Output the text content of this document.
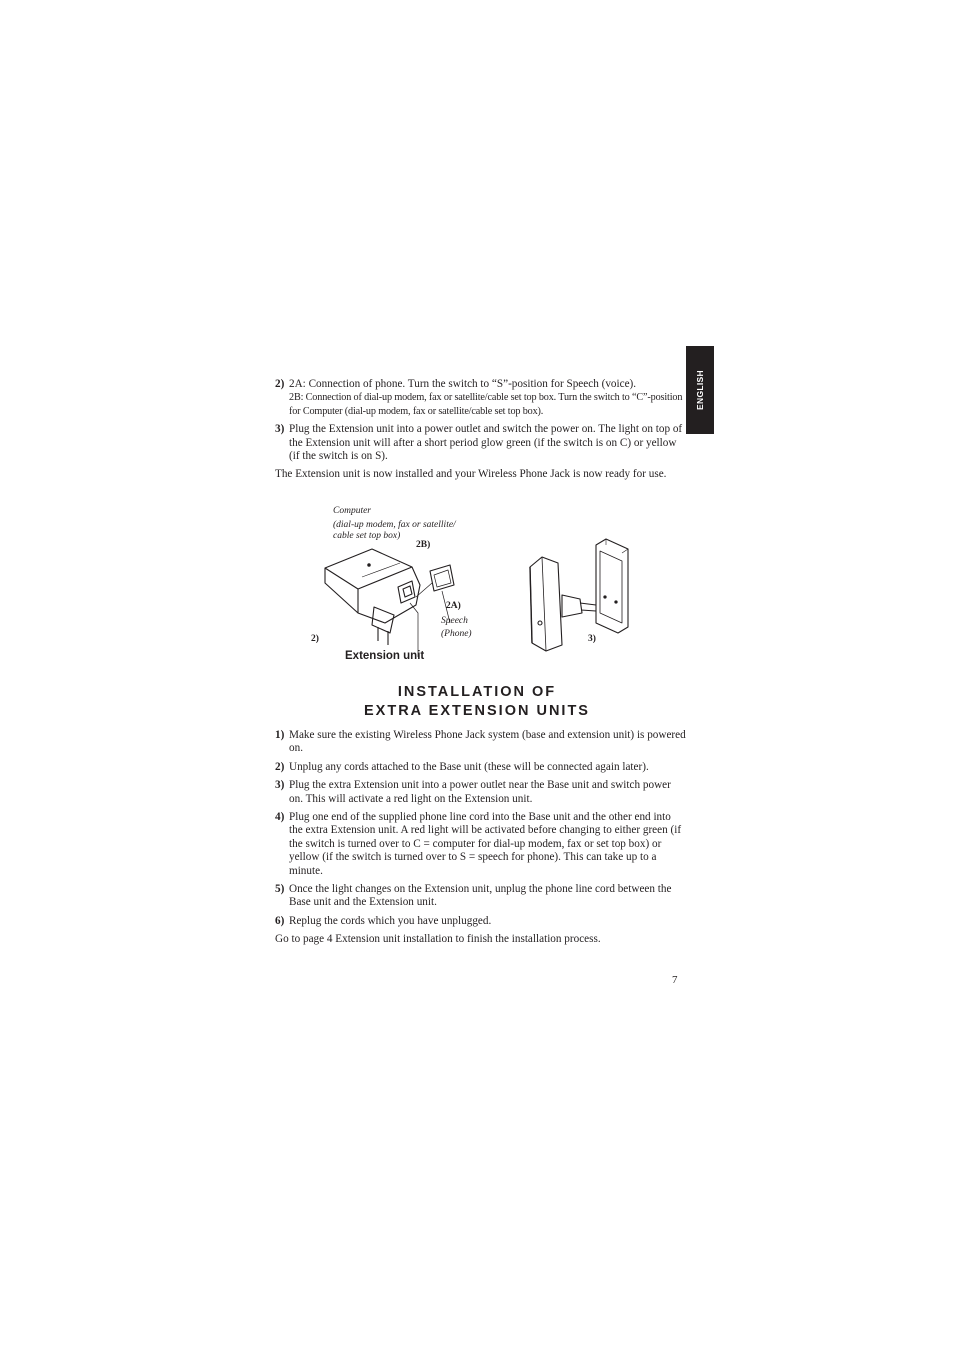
ENGLISH
2) 2A: Connection of phone. Turn the switch to “S”-position for Speech (voice).
2B: Connection of dial-up modem, fax or satellite/cable set top box. Turn the switch to “C”-position for Computer (dial-up modem, fax or satellite/cable set top box).
3) Plug the Extension unit into a power outlet and switch the power on. The light on top of the Extension unit will after a short period glow green (if the switch is on C) or yellow (if the switch is on S).
The Extension unit is now installed and your Wireless Phone Jack is now ready for use.
Computer
(dial-up modem, fax or satellite/
cable set top box)
2B)
2A)
Speech
(Phone)
2)	3)
Extension unit
INSTALLATION OF
EXTRA EXTENSION UNITS
1) Make sure the existing Wireless Phone Jack system (base and extension unit) is powered on.
2) Unplug any cords attached to the Base unit (these will be connected again later).
3) Plug the extra Extension unit into a power outlet near the Base unit and switch power on. This will activate a red light on the Extension unit.
4) Plug one end of the supplied phone line cord into the Base unit and the other end into the extra Extension unit. A red light will be activated before changing to either green (if the switch is turned over to C = computer for dial-up modem, fax or set top box) or yellow (if the switch is turned over to S = speech for phone). This can take up to a minute.
5) Once the light changes on the Extension unit, unplug the phone line cord between the Base unit and the Extension unit.
6) Replug the cords which you have unplugged.
Go to page 4 Extension unit installation to finish the installation process.
7
